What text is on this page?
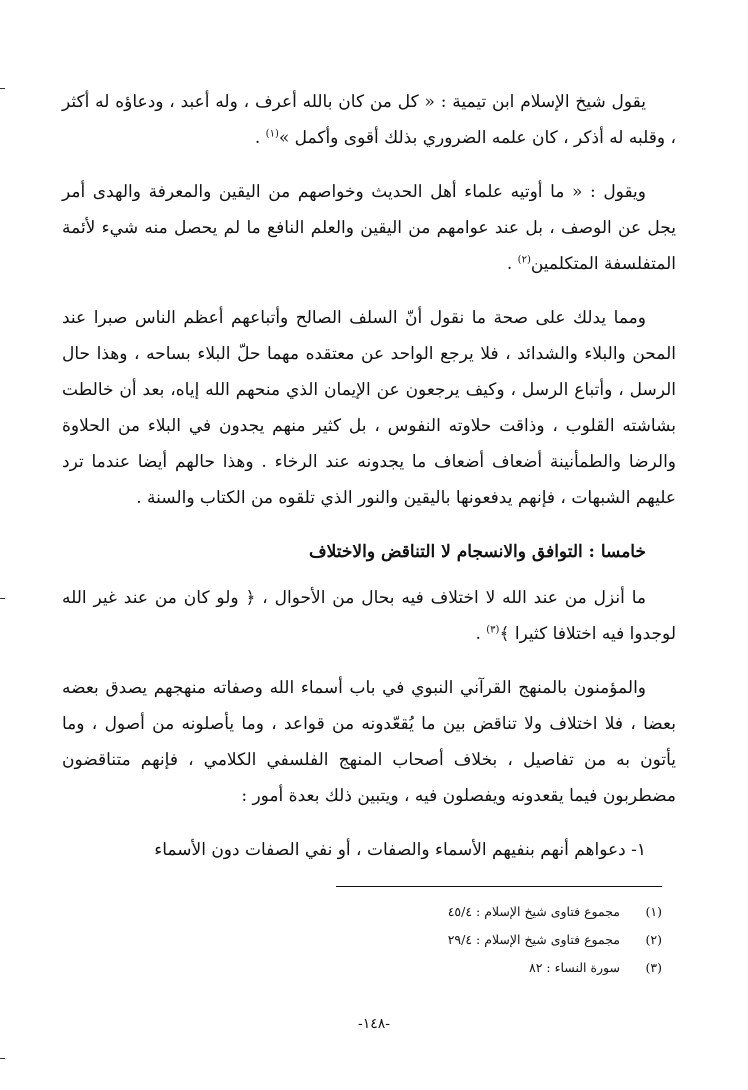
يقول شيخ الإسلام ابن تيمية : « كل من كان بالله أعرف ، وله أعبد ، ودعاؤه له أكثر ، وقلبه له أذكر ، كان علمه الضروري بذلك أقوى وأكمل »$^{(١)}$ .

ويقول : « ما أوتيه علماء أهل الحديث وخواصهم من اليقين والمعرفة والهدى أمر يجل عن الوصف ، بل عند عوامهم من اليقين والعلم النافع ما لم يحصل منه شيء لأئمة المتفلسفة المتكلمين$^{(٢)}$ .

ومما يدلك على صحة ما نقول أنّ السلف الصالح وأتباعهم أعظم الناس صبرا عند المحن والبلاء والشدائد ، فلا يرجع الواحد عن معتقده مهما حلّ البلاء بساحه ، وهذا حال الرسل ، وأتباع الرسل ، وكيف يرجعون عن الإيمان الذي منحهم الله إياه، بعد أن خالطت بشاشته القلوب ، وذاقت حلاوته النفوس ، بل كثير منهم يجدون في البلاء من الحلاوة والرضا والطمأنينة أضعاف أضعاف ما يجدونه عند الرخاء . وهذا حالهم أيضا عندما ترد عليهم الشبهات ، فإنهم يدفعونها باليقين والنور الذي تلقوه من الكتاب والسنة .

خامسا : التوافق والانسجام لا التناقض والاختلاف

ما أنزل من عند الله لا اختلاف فيه بحال من الأحوال ، ﴿ ولو كان من عند غير الله لوجدوا فيه اختلافا كثيرا ﴾$^{(٣)}$ .

والمؤمنون بالمنهج القرآني النبوي في باب أسماء الله وصفاته منهجهم يصدق بعضه بعضا ، فلا اختلاف ولا تناقض بين ما يُقعّدونه من قواعد ، وما يأصلونه من أصول ، وما يأتون به من تفاصيل ، بخلاف أصحاب المنهج الفلسفي الكلامي ، فإنهم متناقضون مضطربون فيما يقعدونه ويفصلون فيه ، ويتبين ذلك بعدة أمور :

١- دعواهم أنهم بنفيهم الأسماء والصفات ، أو نفي الصفات دون الأسماء

(١)
مجموع فتاوى شيخ الإسلام : ٤٥/٤
(٢)
مجموع فتاوى شيخ الإسلام : ٢٩/٤
(٣)
سورة النساء : ٨٢
-١٤٨-
